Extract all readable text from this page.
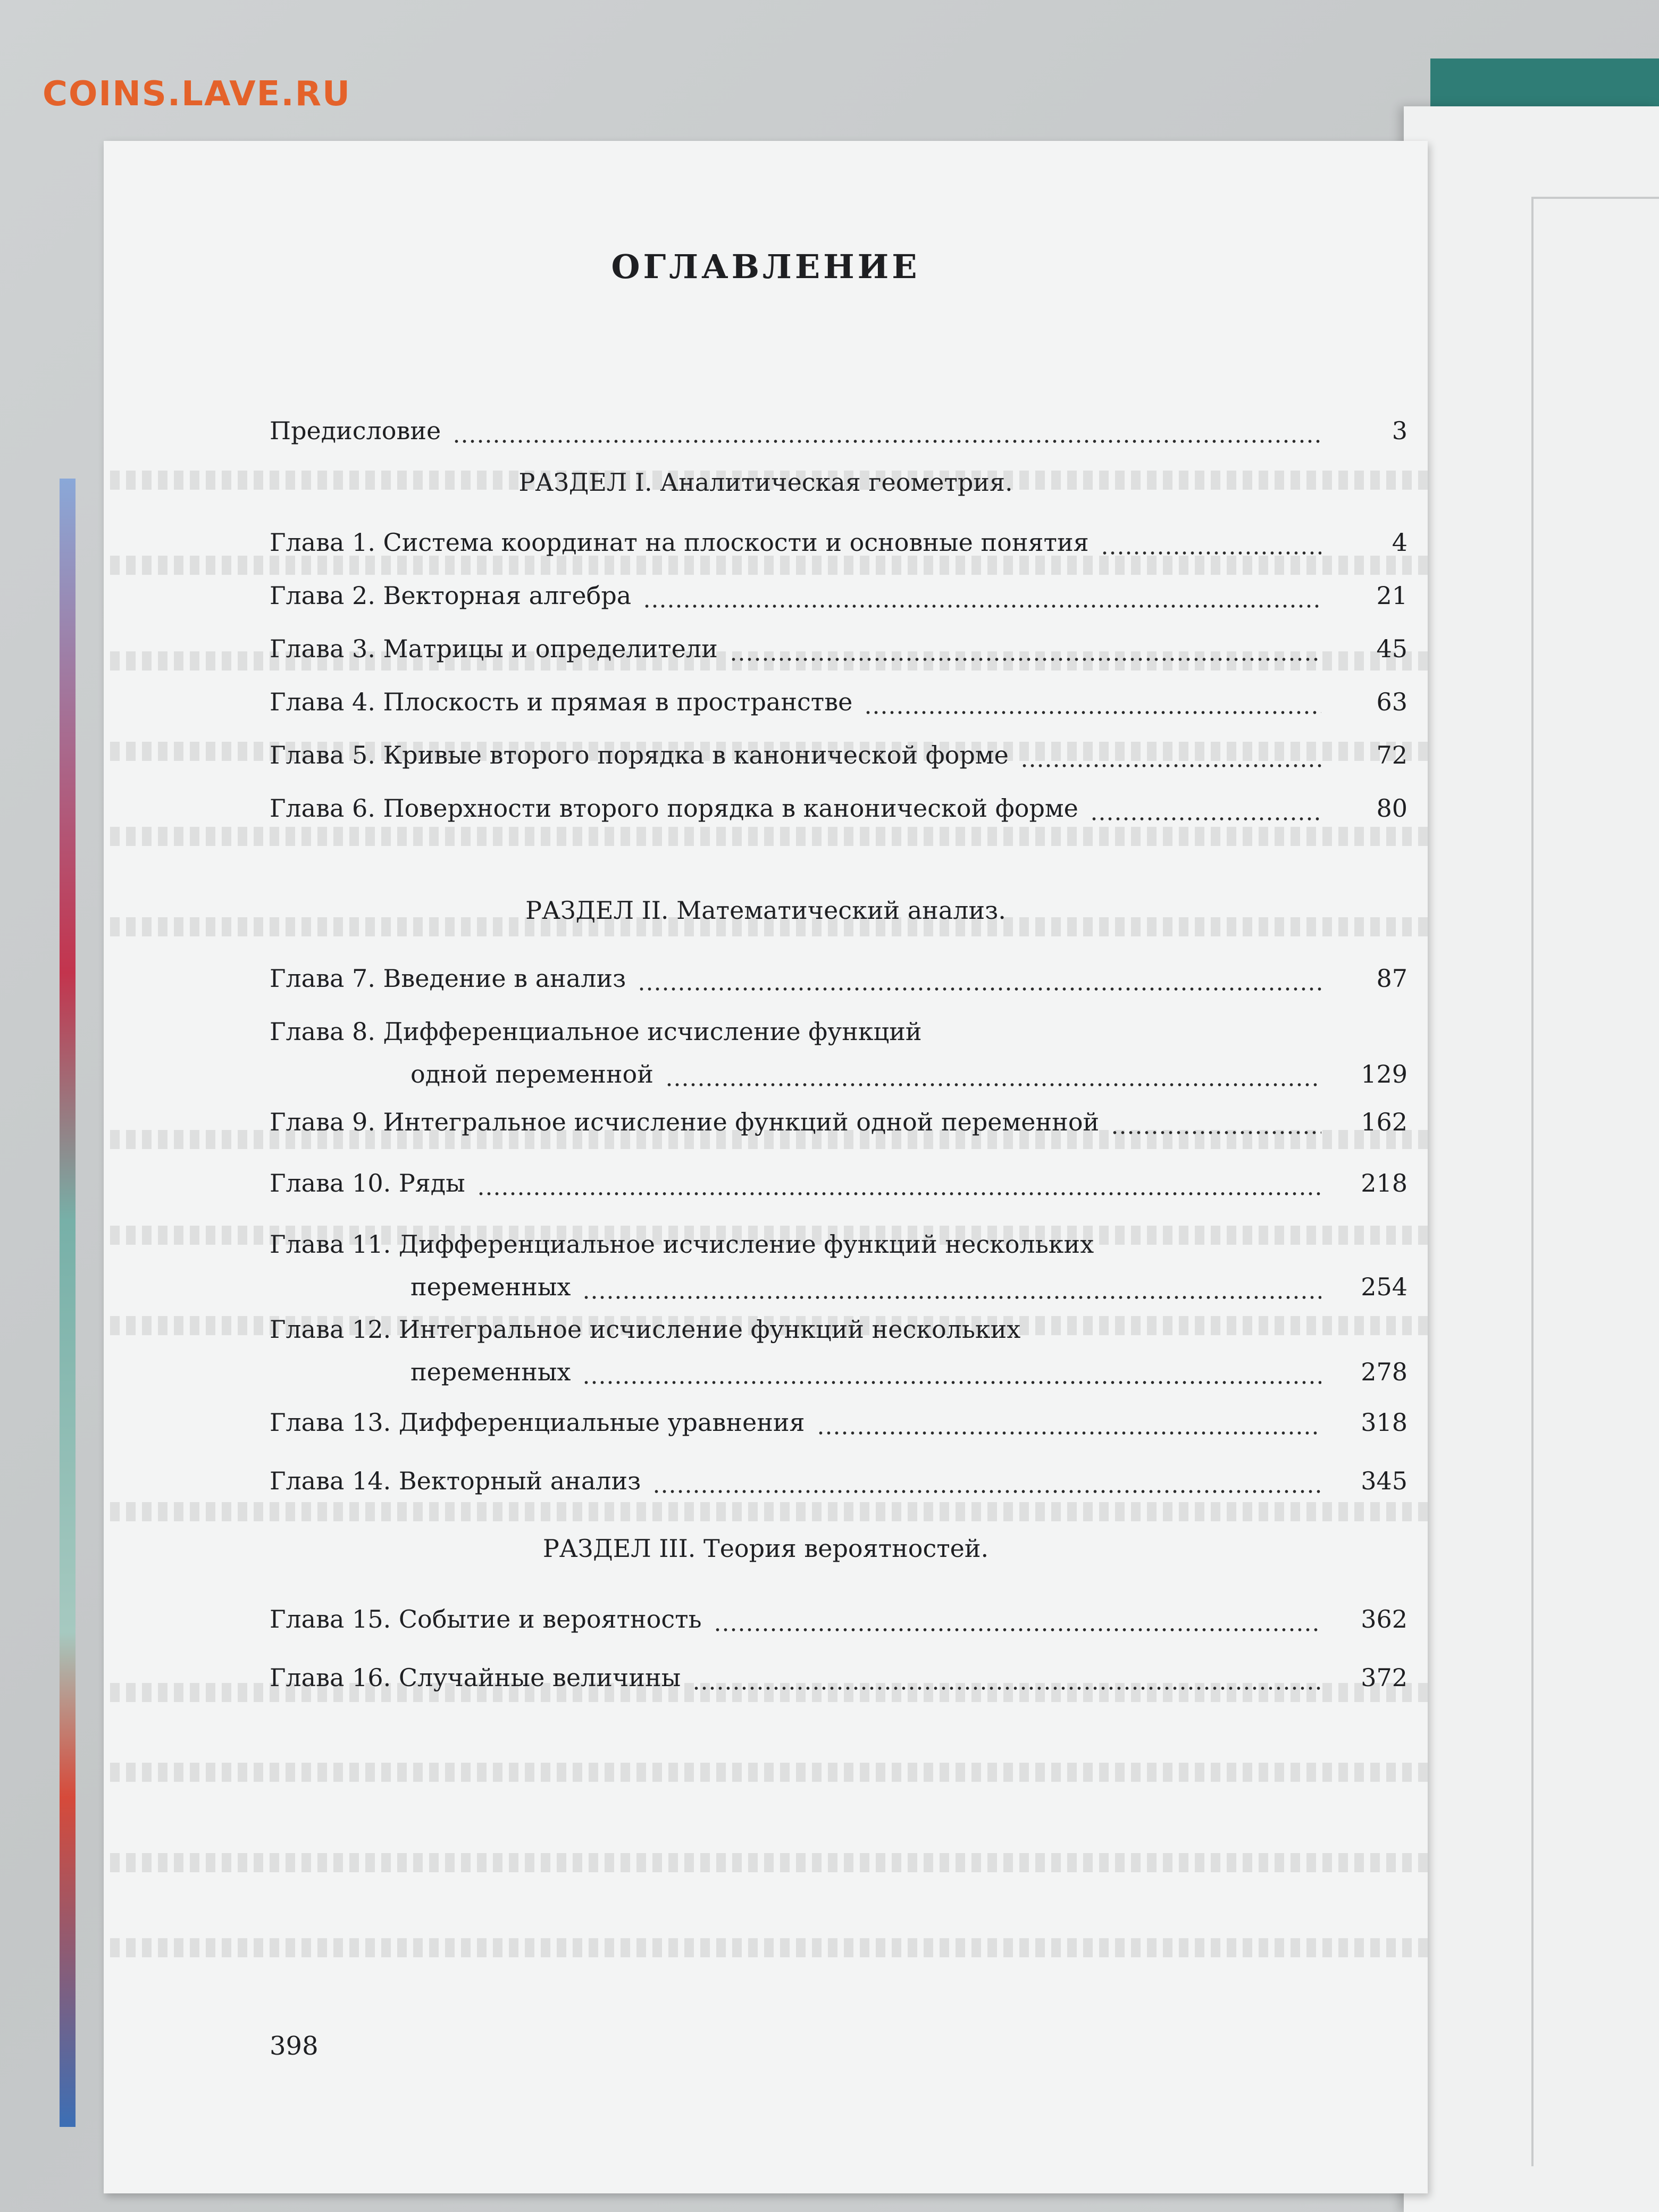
COINS.LAVE.RU
ОГЛАВЛЕНИЕ
Предисловие	3
РАЗДЕЛ I. Аналитическая геометрия.
Глава 1. Система координат на плоскости и основные понятия	4
Глава 2. Векторная алгебра	21
Глава 3. Матрицы и определители	45
Глава 4. Плоскость и прямая в пространстве	63
Глава 5. Кривые второго порядка в канонической форме	72
Глава 6. Поверхности второго порядка в канонической форме	80
РАЗДЕЛ II. Математический анализ.
Глава 7. Введение в анализ	87
Глава 8. Дифференциальное исчисление функций
одной переменной	129
Глава 9. Интегральное исчисление функций одной переменной	162
Глава 10. Ряды	218
Глава 11. Дифференциальное исчисление функций нескольких
переменных	254
Глава 12. Интегральное исчисление функций нескольких
переменных	278
Глава 13. Дифференциальные уравнения	318
Глава 14. Векторный анализ	345
РАЗДЕЛ III. Теория вероятностей.
Глава 15. Событие и вероятность	362
Глава 16. Случайные величины	372
398
